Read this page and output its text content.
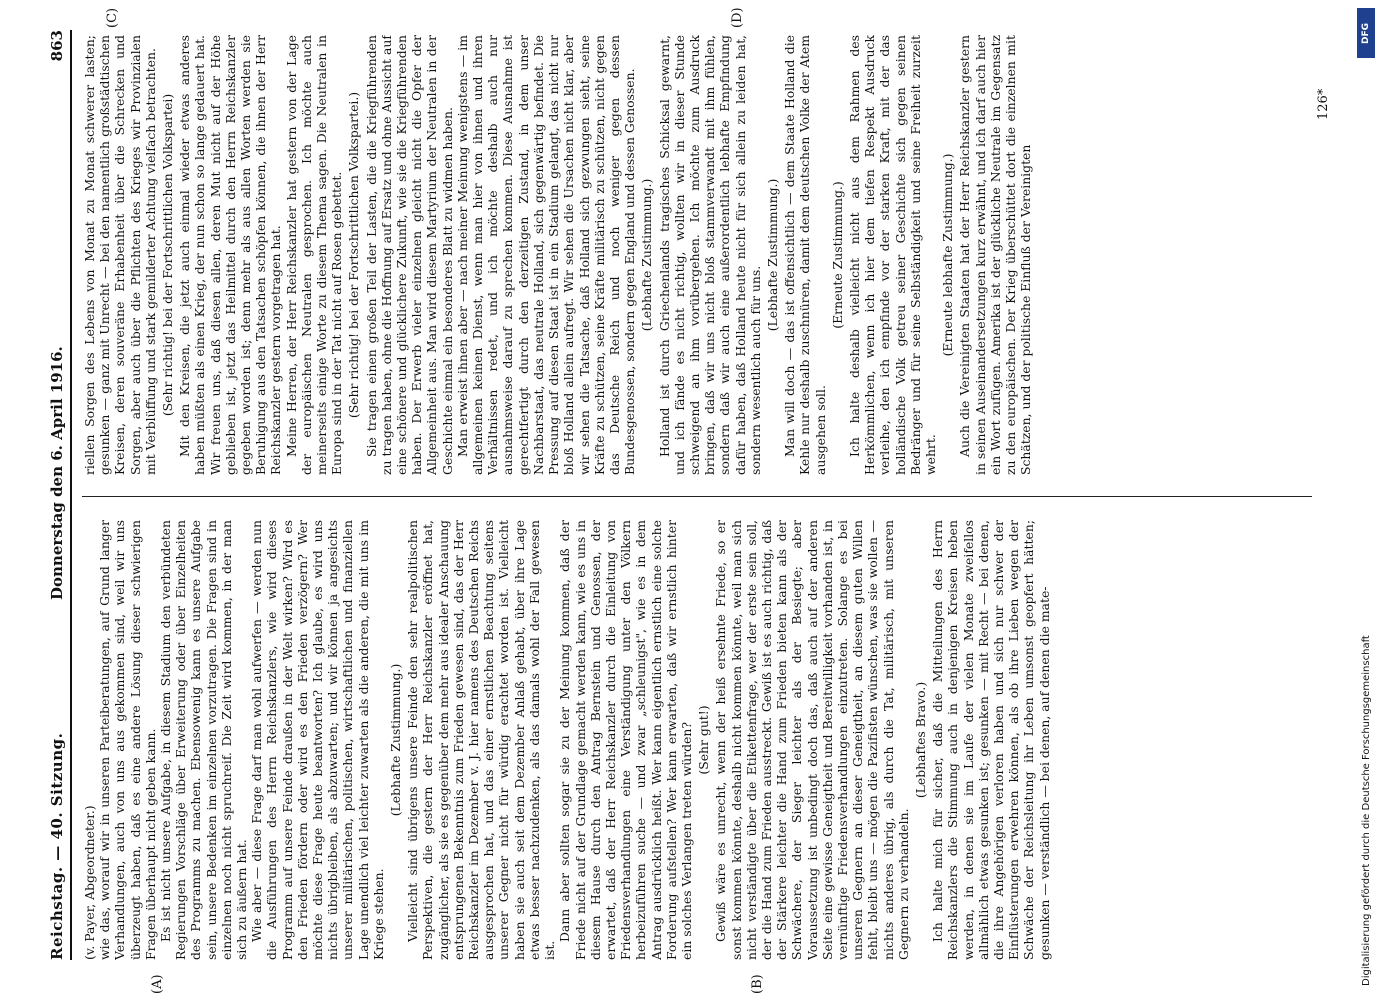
Reichstag. — 40. Sitzung.
Donnerstag den 6. April 1916.
863
(A)	(B)
(C)	(D)

(v. Payer, Abgeordneter.) wie das, worauf wir in unseren Parteiberatungen, auf Grund langer Verhandlungen, auch von uns aus gekommen sind, weil wir uns überzeugt haben, daß es eine andere Lösung dieser schwierigen Fragen überhaupt nicht geben kann. Es ist nicht unsere Aufgabe, in diesem Stadium den verbündeten Regierungen Vorschläge über Erweiterung oder über Einzelheiten des Programms zu machen. Ebensowenig kann es unsere Aufgabe sein, unsere Bedenken im einzelnen vorzutragen. Die Fragen sind in einzelnen noch nicht spruchreif. Die Zeit wird kommen, in der man sich zu äußern hat. Wie aber — diese Frage darf man wohl aufwerfen — werden nun die Ausführungen des Herrn Reichskanzlers, wie wird dieses Programm auf unsere Feinde draußen in der Welt wirken? Wird es den Frieden fördern oder wird es den Frieden verzögern? Wer möchte diese Frage heute beantworten? Ich glaube, es wird uns nichts übrigbleiben, als abzuwarten; und wir können ja angesichts unserer militärischen, politischen, wirtschaftlichen und finanziellen Lage unendlich viel leichter zuwarten als die anderen, die mit uns im Kriege stehen.

(Lebhafte Zustimmung.) Vielleicht sind übrigens unsere Feinde den sehr realpolitischen Perspektiven, die gestern der Herr Reichskanzler eröffnet hat, zugänglicher, als sie es gegenüber dem mehr aus idealer Anschauung entsprungenen Bekenntnis zum Frieden gewesen sind, das der Herr Reichskanzler im Dezember v. J. hier namens des Deutschen Reichs ausgesprochen hat, und das einer ernstlichen Beachtung seitens unserer Gegner nicht für würdig erachtet worden ist. Vielleicht haben sie auch seit dem Dezember Anlaß gehabt, über ihre Lage etwas besser nachzudenken, als das damals wohl der Fall gewesen ist.

Dann aber sollten sogar sie zu der Meinung kommen, daß der Friede nicht auf der Grundlage gemacht werden kann, wie es uns in diesem Hause durch den Antrag Bernstein und Genossen, der erwartet, daß der Herr Reichskanzler durch die Einleitung von Friedensverhandlungen eine Verständigung unter den Völkern herbeizuführen suche — und zwar „schleunigst", wie es in dem Antrag ausdrücklich heißt. Wer kann eigentlich ernstlich eine solche Forderung aufstellen? Wer kann erwarten, daß wir ernstlich hinter ein solches Verlangen treten würden? (Sehr gut!) Gewiß wäre es unrecht, wenn der heiß ersehnte Friede, so er sonst kommen könnte, deshalb nicht kommen könnte, weil man sich nicht verständigte über die Etikettenfrage, wer der erste sein soll, der die Hand zum Frieden ausstreckt. Gewiß ist es auch richtig, daß der Stärkere leichter die Hand zum Frieden bieten kann als der Schwächere, der Sieger leichter als der Besiegte; aber Voraussetzung ist unbedingt doch das, daß auch auf der anderen Seite eine gewisse Geneigtheit und Bereitwilligkeit vorhanden ist, in vernünftige Friedensverhandlungen einzutreten. Solange es bei unseren Gegnern an dieser Geneigtheit, an diesem guten Willen fehlt, bleibt uns — mögen die Pazifisten wünschen, was sie wollen — nichts anderes übrig, als durch die Tat, militärisch, mit unseren Gegnern zu verhandeln.

(Lebhaftes Bravo.) Ich halte mich für sicher, daß die Mitteilungen des Herrn Reichskanzlers die Stimmung auch in denjenigen Kreisen heben werden, in denen sie im Laufe der vielen Monate zweifellos allmählich etwas gesunken ist; gesunken — mit Recht — bei denen, die ihre Angehörigen verloren haben und sich nur schwer der Einflüsterungen erwehren können, als ob ihre Lieben wegen der Schwäche der Reichsleitung ihr Leben umsonst geopfert hätten; gesunken — verständlich — bei denen, auf denen die mate-

riellen Sorgen des Lebens von Monat zu Monat schwerer lasten; gesunken — ganz mit Unrecht — bei den namentlich großstädtischen Kreisen, deren souveräne Erhabenheit über die Schrecken und Sorgen, aber auch über die Pflichten des Krieges wir Provinzialen mit Verblüffung und stark gemilderter Achtung vielfach betrachten. (Sehr richtig! bei der Fortschrittlichen Volkspartei) Mit den Kreisen, die jetzt auch einmal wieder etwas anderes haben müßten als einen Krieg, der nun schon so lange gedauert hat. Wir freuen uns, daß diesen allen, deren Mut nicht auf der Höhe geblieben ist, jetzt das Heilmittel durch den Herrn Reichskanzler gegeben worden ist; denn mehr als aus allen Worten werden sie Beruhigung aus den Tatsachen schöpfen können, die ihnen der Herr Reichskanzler gestern vorgetragen hat. Meine Herren, der Herr Reichskanzler hat gestern von der Lage der europäischen Neutralen gesprochen. Ich möchte auch meinerseits einige Worte zu diesem Thema sagen. Die Neutralen in Europa sind in der Tat nicht auf Rosen gebettet. (Sehr richtig! bei der Fortschrittlichen Volkspartei.) Sie tragen einen großen Teil der Lasten, die die Kriegführenden zu tragen haben, ohne die Hoffnung auf Ersatz und ohne Aussicht auf eine schönere und glücklichere Zukunft, wie sie die Kriegführenden haben. Der Erwerb vieler einzelnen gleicht nicht die Opfer der Allgemeinheit aus. Man wird diesem Martyrium der Neutralen in der Geschichte einmal ein besonderes Blatt zu widmen haben. Man erweist ihnen aber — nach meiner Meinung wenigstens — im allgemeinen keinen Dienst, wenn man hier von ihnen und ihren Verhältnissen redet, und ich möchte deshalb auch nur ausnahmsweise darauf zu sprechen kommen. Diese Ausnahme ist gerechtfertigt durch den derzeitigen Zustand, in dem unser Nachbarstaat, das neutrale Holland, sich gegenwärtig befindet. Die Pressung auf diesen Staat ist in ein Stadium gelangt, das nicht nur bloß Holland allein aufregt. Wir sehen die Ursachen nicht klar, aber wir sehen die Tatsache, daß Holland sich gezwungen sieht, seine Kräfte zu schützen, seine Kräfte militärisch zu schützen, nicht gegen das Deutsche Reich und noch weniger gegen dessen Bundesgenossen, sondern gegen England und dessen Genossen. (Lebhafte Zustimmung.) Holland ist durch Griechenlands tragisches Schicksal gewarnt, und ich fände es nicht richtig, wollten wir in dieser Stunde schweigend an ihm vorübergehen. Ich möchte zum Ausdruck bringen, daß wir uns nicht bloß stammverwandt mit ihm fühlen, sondern daß wir auch eine außerordentlich lebhafte Empfindung dafür haben, daß Holland heute nicht für sich allein zu leiden hat, sondern wesentlich auch für uns.

(Lebhafte Zustimmung.) Man will doch — das ist offensichtlich — dem Staate Holland die Kehle nur deshalb zuschnüren, damit dem deutschen Volke der Atem ausgehen soll.

(Erneute Zustimmung.) Ich halte deshalb vielleicht nicht aus dem Rahmen des Herkömmlichen, wenn ich hier dem tiefen Respekt Ausdruck verleihe, den ich empfinde vor der starken Kraft, mit der das holländische Volk getreu seiner Geschichte sich gegen seinen Bedränger und für seine Selbständigkeit und seine Freiheit zurzeit wehrt.

(Erneute lebhafte Zustimmung.) Auch die Vereinigten Staaten hat der Herr Reichskanzler gestern in seinen Auseinandersetzungen kurz erwähnt, und ich darf auch hier ein Wort zufügen. Amerika ist der glückliche Neutrale im Gegensatz zu den europäischen. Der Krieg überschüttet dort die einzelnen mit Schätzen, und der politische Einfluß der Vereinigten

126*
DFG
Digitalisierung gefördert durch die Deutsche Forschungsgemeinschaft
